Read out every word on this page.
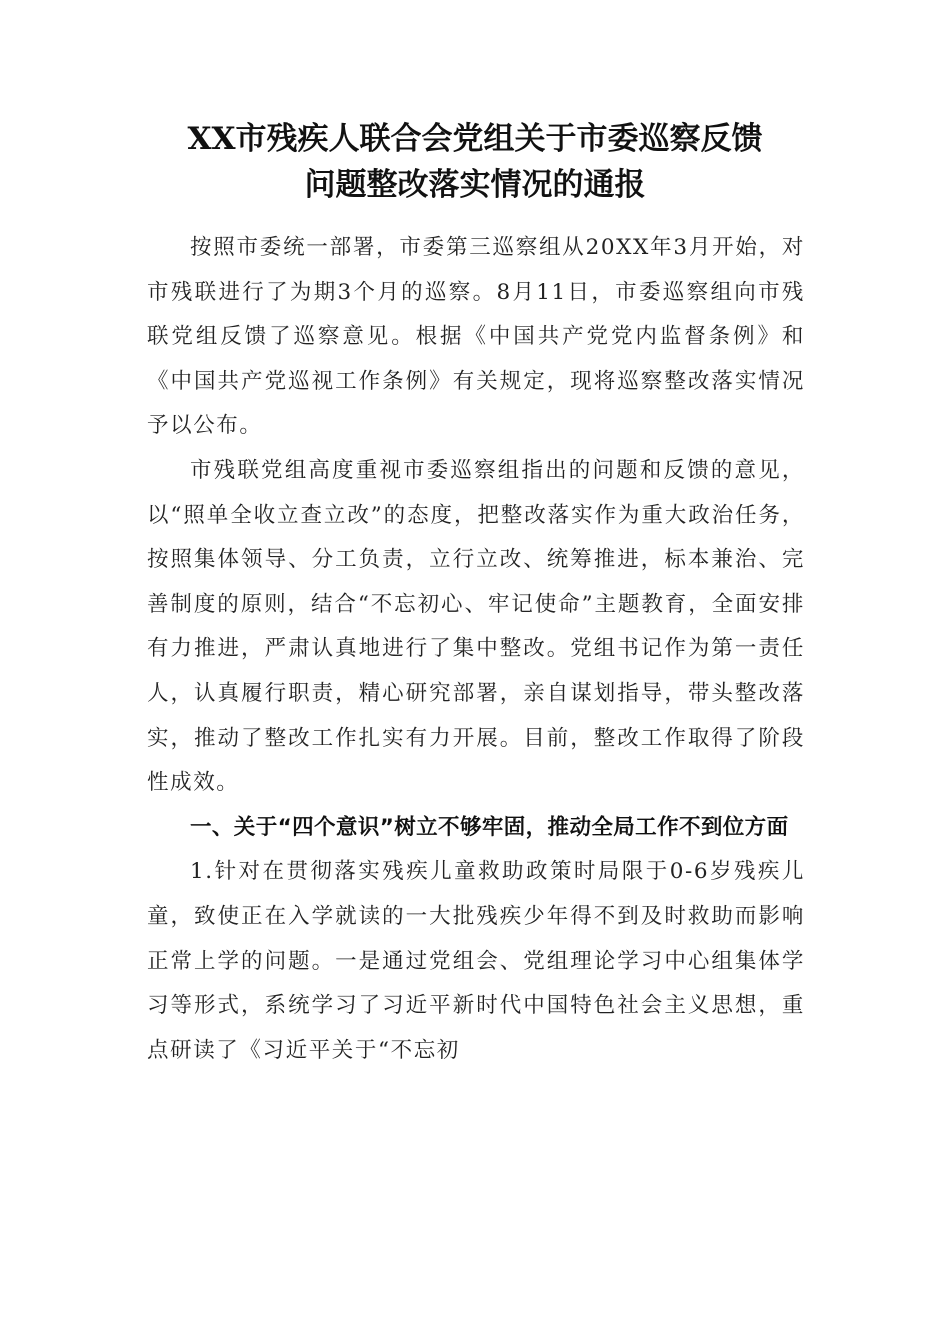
XX市残疾人联合会党组关于市委巡察反馈
问题整改落实情况的通报

按照市委统一部署，市委第三巡察组从20XX年3月开始，对市残联进行了为期3个月的巡察。8月11日，市委巡察组向市残联党组反馈了巡察意见。根据《中国共产党党内监督条例》和《中国共产党巡视工作条例》有关规定，现将巡察整改落实情况予以公布。

市残联党组高度重视市委巡察组指出的问题和反馈的意见，以“照单全收立查立改”的态度，把整改落实作为重大政治任务，按照集体领导、分工负责，立行立改、统筹推进，标本兼治、完善制度的原则，结合“不忘初心、牢记使命”主题教育，全面安排有力推进，严肃认真地进行了集中整改。党组书记作为第一责任人，认真履行职责，精心研究部署，亲自谋划指导，带头整改落实，推动了整改工作扎实有力开展。目前，整改工作取得了阶段性成效。

一、关于“四个意识”树立不够牢固，推动全局工作不到位方面

1.针对在贯彻落实残疾儿童救助政策时局限于0-6岁残疾儿童，致使正在入学就读的一大批残疾少年得不到及时救助而影响正常上学的问题。一是通过党组会、党组理论学习中心组集体学习等形式，系统学习了习近平新时代中国特色社会主义思想，重点研读了《习近平关于“不忘初
